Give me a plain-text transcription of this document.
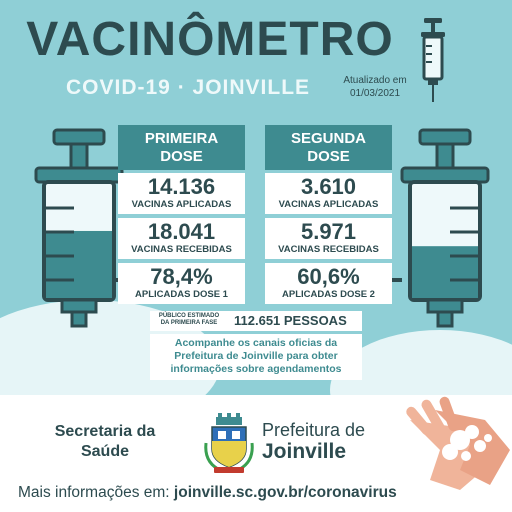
VACINÔMETRO
COVID-19 · JOINVILLE	Atualizado em
01/03/2021
PRIMEIRA
DOSE
14.136
VACINAS APLICADAS
18.041
VACINAS RECEBIDAS
78,4%
APLICADAS DOSE 1
SEGUNDA
DOSE
3.610
VACINAS APLICADAS
5.971
VACINAS RECEBIDAS
60,6%
APLICADAS DOSE 2
PÚBLICO ESTIMADO
DA PRIMEIRA FASE	112.651 PESSOAS
Acompanhe os canais oficias da
Prefeitura de Joinville para obter
informações sobre agendamentos
Secretaria da
Saúde
Prefeitura de
Joinville
Mais informações em: joinville.sc.gov.br/coronavirus
